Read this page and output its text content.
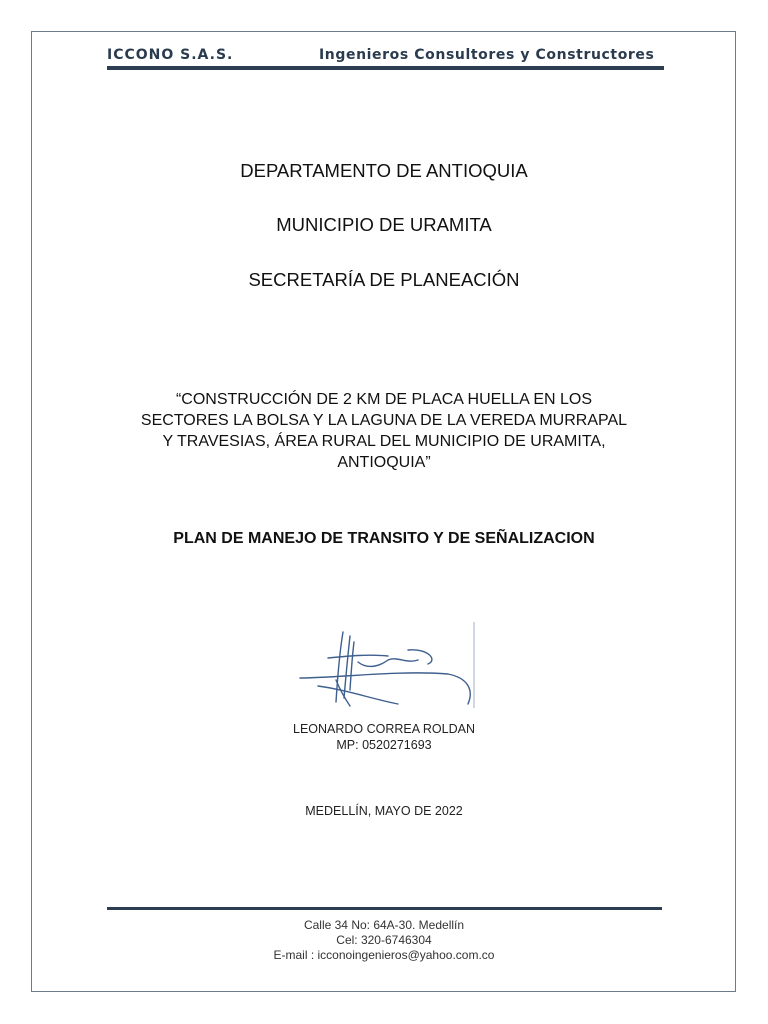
ICCONO S.A.S.	Ingenieros Consultores y Constructores
DEPARTAMENTO DE ANTIOQUIA
MUNICIPIO DE URAMITA
SECRETARÍA DE PLANEACIÓN
“CONSTRUCCIÓN DE 2 KM DE PLACA HUELLA EN LOS
SECTORES LA BOLSA Y LA LAGUNA DE LA VEREDA MURRAPAL
Y TRAVESIAS, ÁREA RURAL DEL MUNICIPIO DE URAMITA,
ANTIOQUIA”
PLAN DE MANEJO DE TRANSITO Y DE SEÑALIZACION
LEONARDO CORREA ROLDAN
MP: 0520271693
MEDELLÍN, MAYO DE 2022
Calle 34 No: 64A-30. Medellín
Cel: 320-6746304
E-mail : icconoingenieros@yahoo.com.co
